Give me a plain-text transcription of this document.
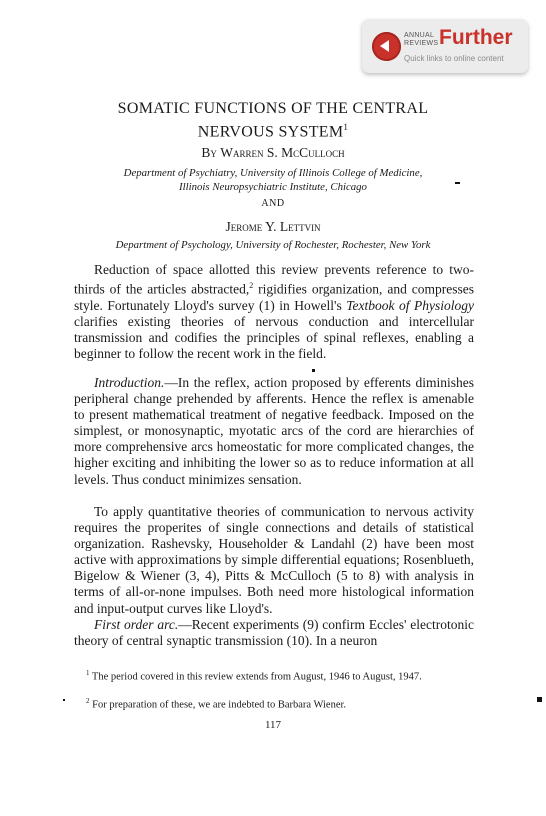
ANNUAL
REVIEWS Further
Quick links to online content
SOMATIC FUNCTIONS OF THE CENTRAL
NERVOUS SYSTEM$^1$
By Warren S. McCulloch
Department of Psychiatry, University of Illinois College of Medicine,
Illinois Neuropsychiatric Institute, Chicago
AND
Jerome Y. Lettvin
Department of Psychology, University of Rochester, Rochester, New York

Reduction of space allotted this review prevents reference to two-thirds of the articles abstracted,$^2$ rigidifies organization, and compresses style. Fortunately Lloyd's survey (1) in Howell's Textbook of Physiology clarifies existing theories of nervous conduction and intercellular transmission and codifies the principles of spinal reflexes, enabling a beginner to follow the recent work in the field.

Introduction.—In the reflex, action proposed by efferents diminishes peripheral change prehended by afferents. Hence the reflex is amenable to present mathematical treatment of negative feedback. Imposed on the simplest, or monosynaptic, myotatic arcs of the cord are hierarchies of more comprehensive arcs homeostatic for more complicated changes, the higher exciting and inhibiting the lower so as to reduce information at all levels. Thus conduct minimizes sensation.

To apply quantitative theories of communication to nervous activity requires the properites of single connections and details of statistical organization. Rashevsky, Householder & Landahl (2) have been most active with approximations by simple differential equations; Rosenblueth, Bigelow & Wiener (3, 4), Pitts & McCulloch (5 to 8) with analysis in terms of all-or-none impulses. Both need more histological information and input-output curves like Lloyd's.

First order arc.—Recent experiments (9) confirm Eccles' electrotonic theory of central synaptic transmission (10). In a neuron

$^1$ The period covered in this review extends from August, 1946 to August, 1947.

$^2$ For preparation of these, we are indebted to Barbara Wiener.

117
